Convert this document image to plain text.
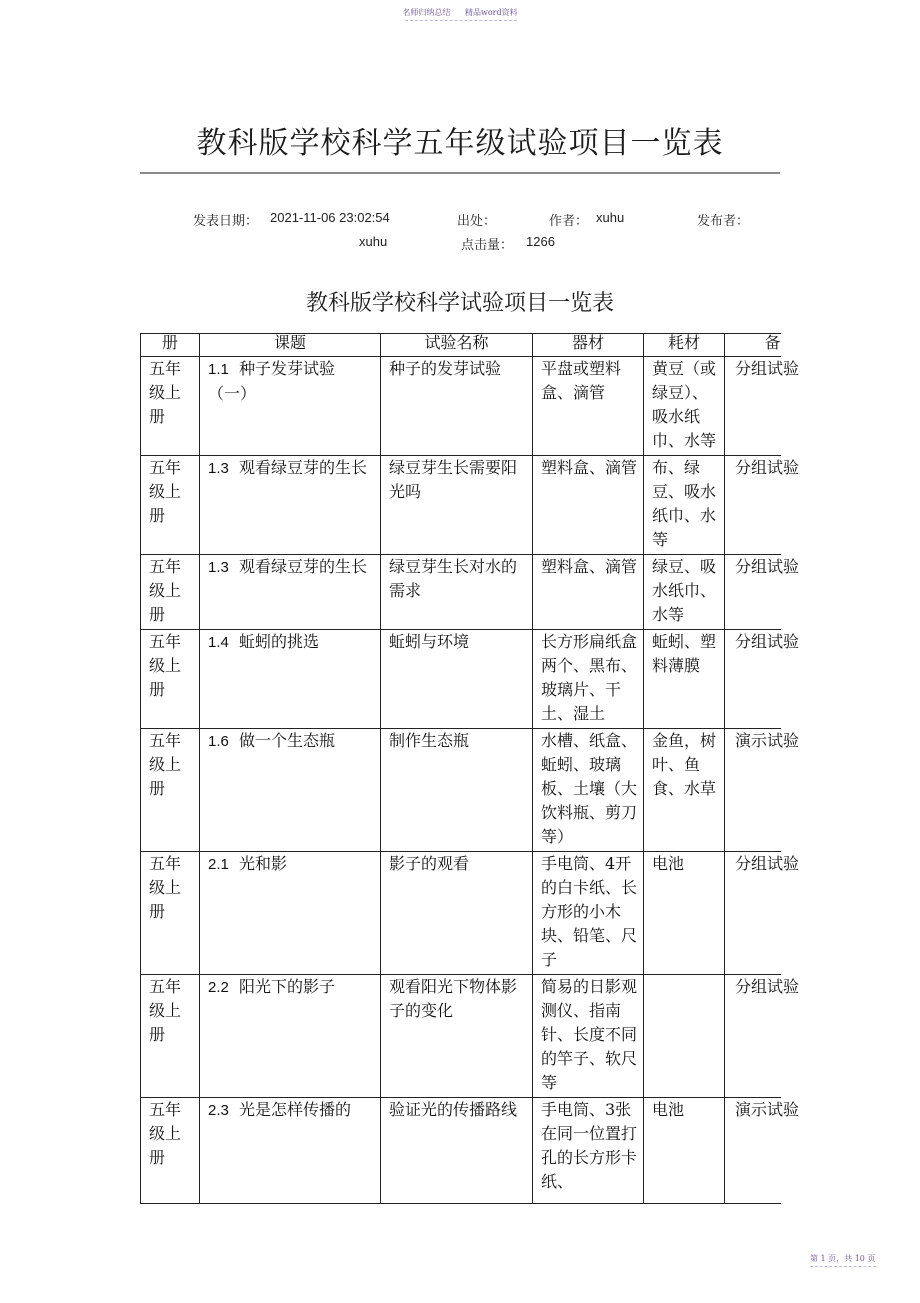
名师归纳总结 精品word资料
教科版学校科学五年级试验项目一览表
发表日期： 2021-11-06 23:02:54	出处：	作者： xuhu	发布者：
xuhu	点击量： 1266
教科版学校科学试验项目一览表
册	课题	试验名称	器材	耗材	备
五年级上册	1.1 种子发芽试验（一）	种子的发芽试验	平盘或塑料盒、滴管	黄豆（或绿豆）、吸水纸巾、水等	分组试验
五年级上册	1.3 观看绿豆芽的生长	绿豆芽生长需要阳光吗	塑料盒、滴管	布、绿豆、吸水纸巾、水等	分组试验
五年级上册	1.3 观看绿豆芽的生长	绿豆芽生长对水的需求	塑料盒、滴管	绿豆、吸水纸巾、水等	分组试验
五年级上册	1.4 蚯蚓的挑选	蚯蚓与环境	长方形扁纸盒两个、黑布、玻璃片、干土、湿土	蚯蚓、塑料薄膜	分组试验
五年级上册	1.6 做一个生态瓶	制作生态瓶	水槽、纸盒、蚯蚓、玻璃板、土壤（大饮料瓶、剪刀等）	金鱼，树叶、鱼食、水草	演示试验
五年级上册	2.1 光和影	影子的观看	手电筒、4开的白卡纸、长方形的小木块、铅笔、尺子	电池	分组试验
五年级上册	2.2 阳光下的影子	观看阳光下物体影子的变化	简易的日影观测仪、指南针、长度不同的竿子、软尺等		分组试验
五年级上册	2.3 光是怎样传播的	验证光的传播路线	手电筒、3张在同一位置打孔的长方形卡纸、	电池	演示试验
第 1 页，共 10 页
